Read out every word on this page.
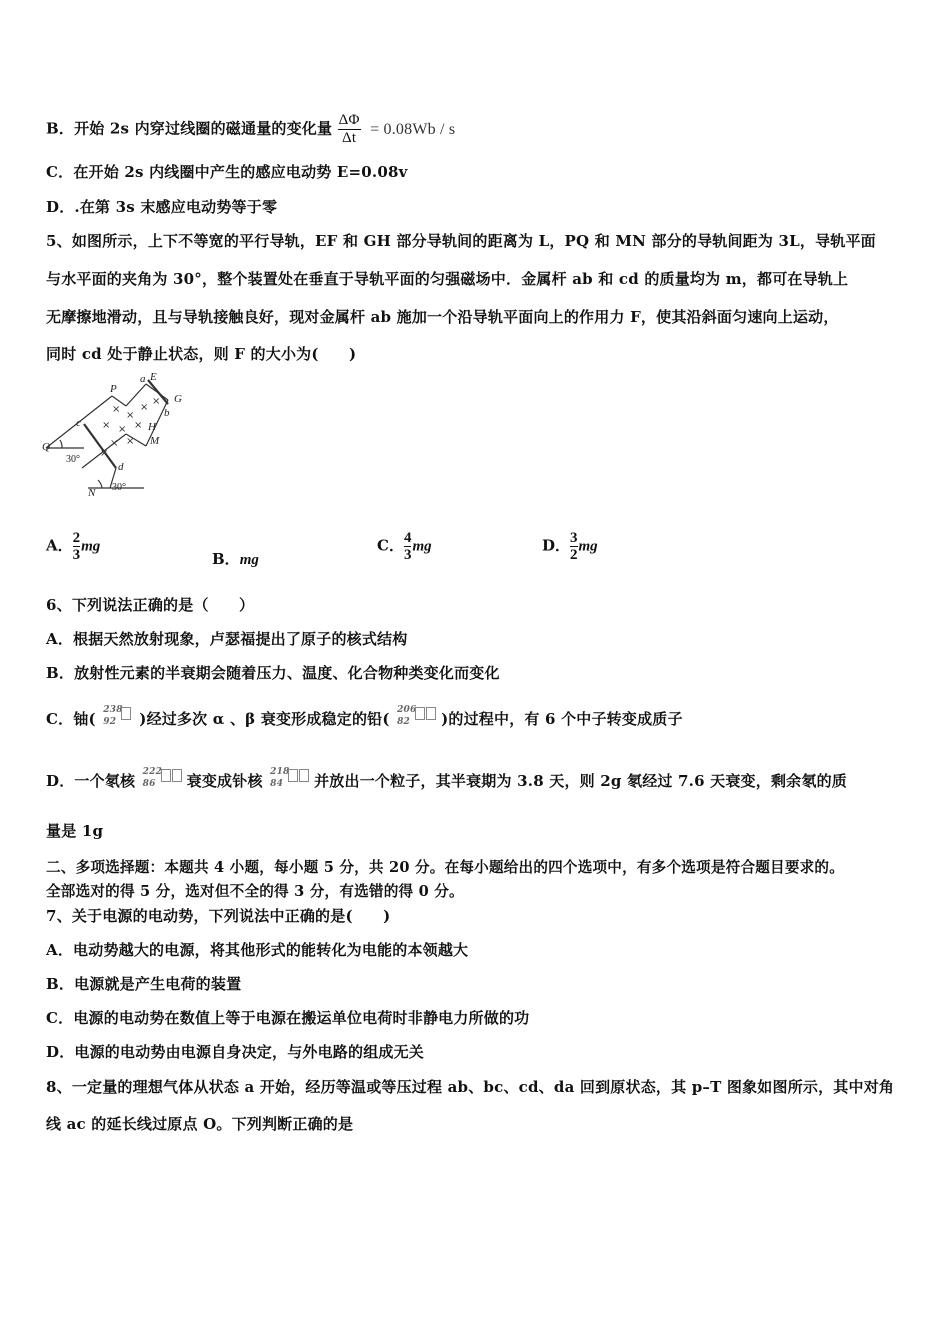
B．开始 2s 内穿过线圈的磁通量的变化量 $\frac{\Delta\Phi}{\Delta t} = 0.08Wb / s$
C．在开始 2s 内线圈中产生的感应电动势 E=0.08v
D．.在第 3s 末感应电动势等于零
5、如图所示，上下不等宽的平行导轨，EF 和 GH 部分导轨间的距离为 L，PQ 和 MN 部分的导轨间距为 3L，导轨平面
与水平面的夹角为 30°，整个装置处在垂直于导轨平面的匀强磁场中．金属杆 ab 和 cd 的质量均为 m，都可在导轨上
无摩擦地滑动，且与导轨接触良好，现对金属杆 ab 施加一个沿导轨平面向上的作用力 F，使其沿斜面匀速向上运动，
同时 cd 处于静止状态，则 F 的大小为(　　)
a E
P
G
b
c	H
M
Q
d
N
30°
30°
×
×
×
×
× × ×
× ×
×
A． $\frac{2}{3}$ mg
B．mg
C． $\frac{4}{3}$ mg	D． $\frac{3}{2}$ mg
6、下列说法正确的是（　　）
A．根据天然放射现象，卢瑟福提出了原子的核式结构
B．放射性元素的半衰期会随着压力、温度、化合物种类变化而变化
C．铀( 238
92 )经过多次 α 、β 衰变形成稳定的铅( 206
82 )的过程中，有 6 个中子转变成质子
D．一个氡核 222
86 衰变成钋核 218
84 并放出一个粒子，其半衰期为 3.8 天，则 2g 氡经过 7.6 天衰变，剩余氡的质
量是 1g
二、多项选择题：本题共 4 小题，每小题 5 分，共 20 分。在每小题给出的四个选项中，有多个选项是符合题目要求的。
全部选对的得 5 分，选对但不全的得 3 分，有选错的得 0 分。
7、关于电源的电动势，下列说法中正确的是(　　)
A．电动势越大的电源，将其他形式的能转化为电能的本领越大
B．电源就是产生电荷的装置
C．电源的电动势在数值上等于电源在搬运单位电荷时非静电力所做的功
D．电源的电动势由电源自身决定，与外电路的组成无关
8、一定量的理想气体从状态 a 开始，经历等温或等压过程 ab、bc、cd、da 回到原状态，其 p–T 图象如图所示，其中对角
线 ac 的延长线过原点 O。下列判断正确的是
